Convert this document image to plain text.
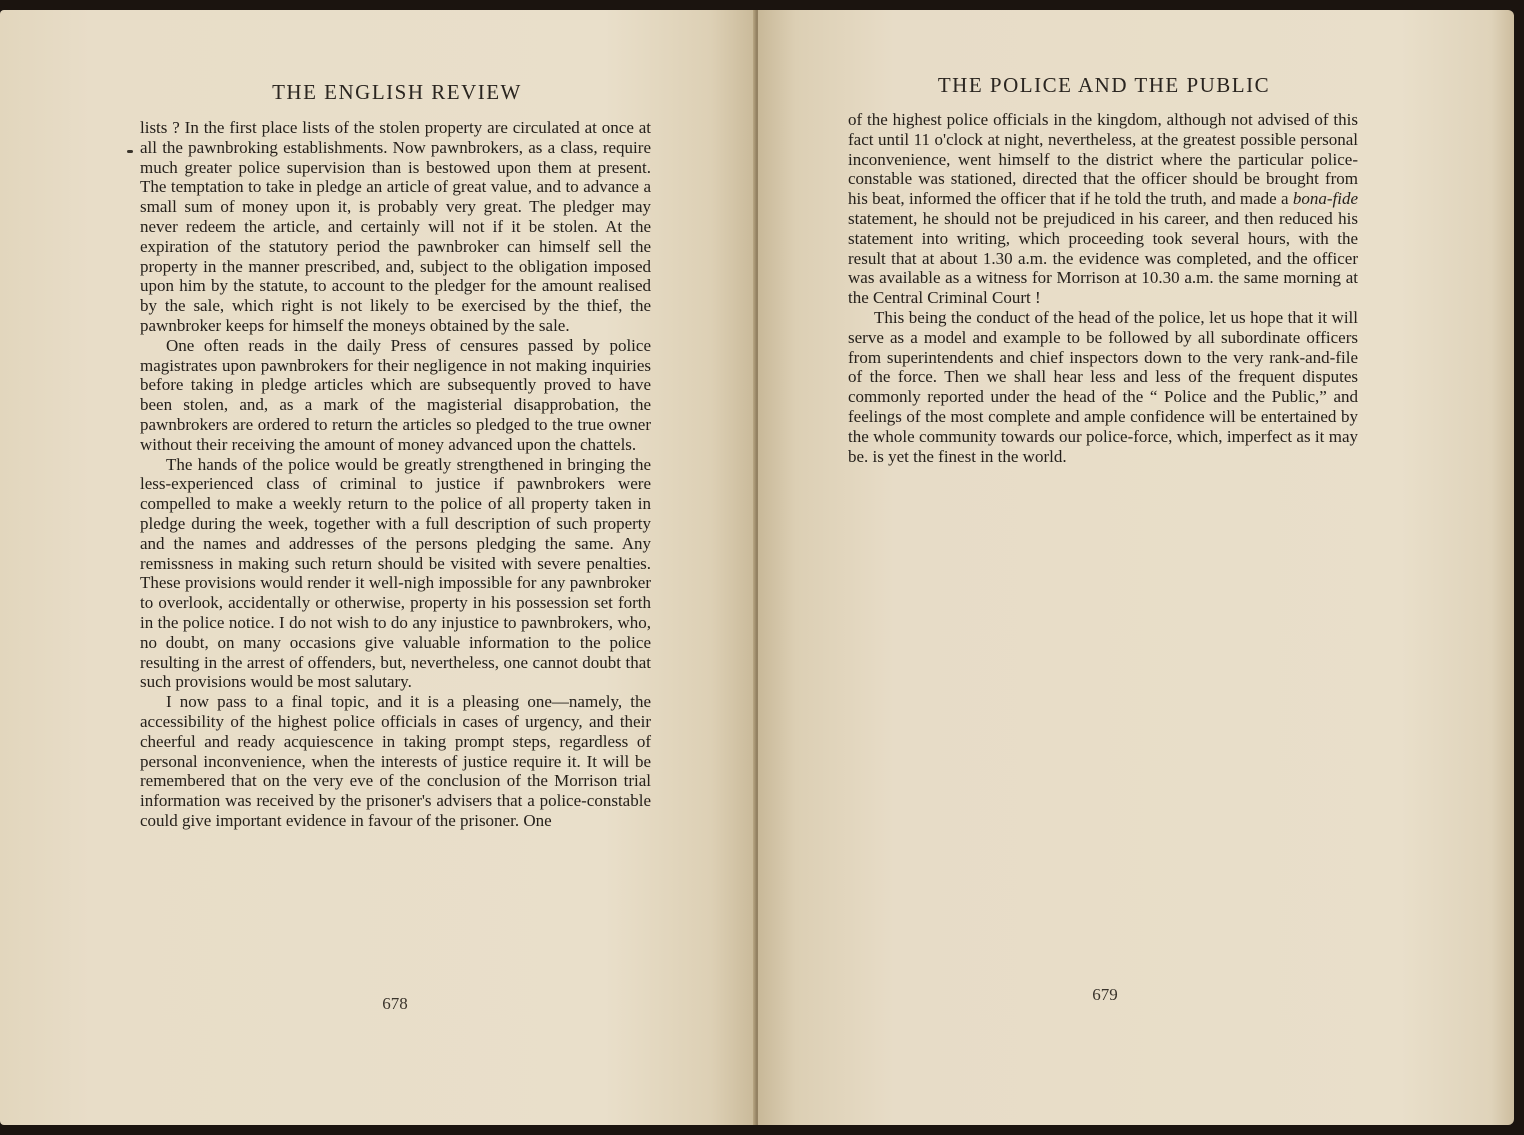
THE ENGLISH REVIEW

lists ? In the first place lists of the stolen property are circulated at once at all the pawnbroking establishments. Now pawnbrokers, as a class, require much greater police supervision than is bestowed upon them at present. The temptation to take in pledge an article of great value, and to advance a small sum of money upon it, is probably very great. The pledger may never redeem the article, and certainly will not if it be stolen. At the expiration of the statutory period the pawnbroker can himself sell the property in the manner prescribed, and, subject to the obligation imposed upon him by the statute, to account to the pledger for the amount realised by the sale, which right is not likely to be exercised by the thief, the pawnbroker keeps for himself the moneys obtained by the sale.

One often reads in the daily Press of censures passed by police magistrates upon pawnbrokers for their negligence in not making inquiries before taking in pledge articles which are subsequently proved to have been stolen, and, as a mark of the magisterial disapprobation, the pawnbrokers are ordered to return the articles so pledged to the true owner without their receiving the amount of money advanced upon the chattels.

The hands of the police would be greatly strengthened in bringing the less-experienced class of criminal to justice if pawnbrokers were compelled to make a weekly return to the police of all property taken in pledge during the week, together with a full description of such property and the names and addresses of the persons pledging the same. Any remissness in making such return should be visited with severe penalties. These provisions would render it well-nigh impossible for any pawnbroker to overlook, accidentally or otherwise, property in his possession set forth in the police notice. I do not wish to do any injustice to pawnbrokers, who, no doubt, on many occasions give valuable information to the police resulting in the arrest of offenders, but, nevertheless, one cannot doubt that such provisions would be most salutary.

I now pass to a final topic, and it is a pleasing one—namely, the accessibility of the highest police officials in cases of urgency, and their cheerful and ready acquiescence in taking prompt steps, regardless of personal inconvenience, when the interests of justice require it. It will be remembered that on the very eve of the conclusion of the Morrison trial information was received by the prisoner's advisers that a police-constable could give important evidence in favour of the prisoner. One

678
THE POLICE AND THE PUBLIC

of the highest police officials in the kingdom, although not advised of this fact until 11 o'clock at night, nevertheless, at the greatest possible personal inconvenience, went himself to the district where the particular police-constable was stationed, directed that the officer should be brought from his beat, informed the officer that if he told the truth, and made a bona-fide statement, he should not be prejudiced in his career, and then reduced his statement into writing, which proceeding took several hours, with the result that at about 1.30 a.m. the evidence was completed, and the officer was available as a witness for Morrison at 10.30 a.m. the same morning at the Central Criminal Court !

This being the conduct of the head of the police, let us hope that it will serve as a model and example to be followed by all subordinate officers from superintendents and chief inspectors down to the very rank-and-file of the force. Then we shall hear less and less of the frequent disputes commonly reported under the head of the “ Police and the Public,” and feelings of the most complete and ample confidence will be entertained by the whole community towards our police-force, which, imperfect as it may be. is yet the finest in the world.

679
